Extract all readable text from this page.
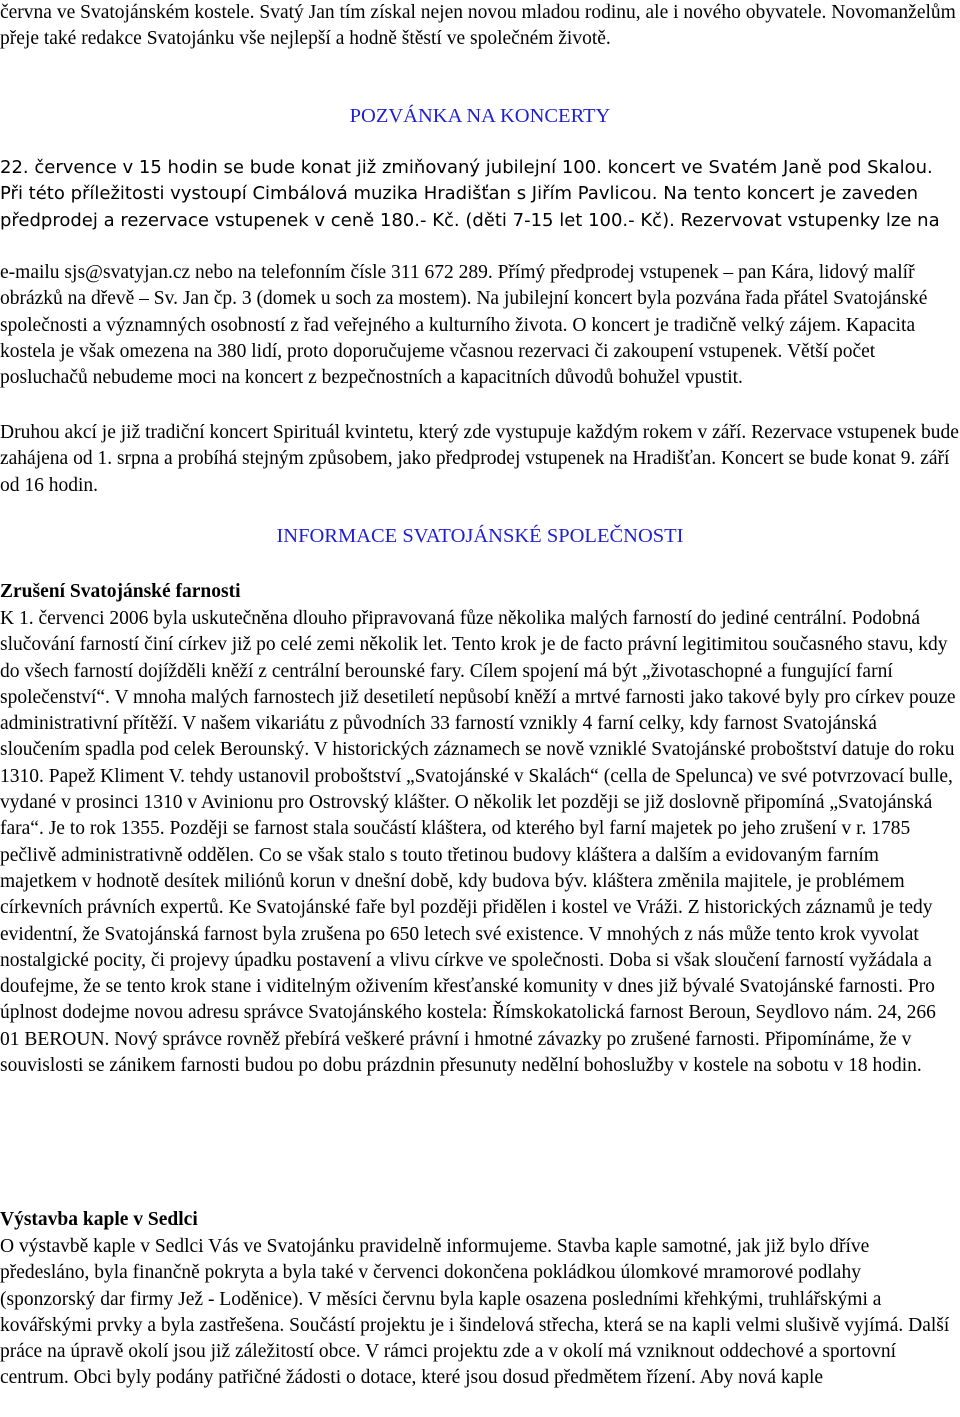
června ve Svatojánském kostele. Svatý Jan tím získal nejen novou mladou rodinu, ale i nového obyvatele. Novomanželům přeje také redakce Svatojánku vše nejlepší a hodně štěstí ve společném životě.

POZVÁNKA NA KONCERTY

22. července v 15 hodin se bude konat již zmiňovaný jubilejní 100. koncert ve Svatém Janě pod Skalou. Při této příležitosti vystoupí Cimbálová muzika Hradišťan s Jiřím Pavlicou. Na tento koncert je zaveden předprodej a rezervace vstupenek v ceně 180.- Kč. (děti 7-15 let 100.- Kč). Rezervovat vstupenky lze na

e-mailu sjs@svatyjan.cz nebo na telefonním čísle 311 672 289. Přímý předprodej vstupenek – pan Kára, lidový malíř obrázků na dřevě – Sv. Jan čp. 3 (domek u soch za mostem). Na jubilejní koncert byla pozvána řada přátel Svatojánské společnosti a významných osobností z řad veřejného a kulturního života. O koncert je tradičně velký zájem. Kapacita kostela je však omezena na 380 lidí, proto doporučujeme včasnou rezervaci či zakoupení vstupenek. Větší počet posluchačů nebudeme moci na koncert z bezpečnostních a kapacitních důvodů bohužel vpustit.

Druhou akcí je již tradiční koncert Spirituál kvintetu, který zde vystupuje každým rokem v září. Rezervace vstupenek bude zahájena od 1. srpna a probíhá stejným způsobem, jako předprodej vstupenek na Hradišťan. Koncert se bude konat 9. září od 16 hodin.

INFORMACE SVATOJÁNSKÉ SPOLEČNOSTI
Zrušení Svatojánské farnosti

K 1. červenci 2006 byla uskutečněna dlouho připravovaná fůze několika malých farností do jediné centrální. Podobná slučování farností činí církev již po celé zemi několik let. Tento krok je de facto právní legitimitou současného stavu, kdy do všech farností dojížděli kněží z centrální berounské fary. Cílem spojení má být „životaschopné a fungující farní společenství“. V mnoha malých farnostech již desetiletí nepůsobí kněží a mrtvé farnosti jako takové byly pro církev pouze administrativní přítěží. V našem vikariátu z původních 33 farností vznikly 4 farní celky, kdy farnost Svatojánská sloučením spadla pod celek Berounský. V historických záznamech se nově vzniklé Svatojánské proboštství datuje do roku 1310. Papež Kliment V. tehdy ustanovil proboštství „Svatojánské v Skalách“ (cella de Spelunca) ve své potvrzovací bulle, vydané v prosinci 1310 v Avinionu pro Ostrovský klášter. O několik let později se již doslovně připomíná „Svatojánská fara“. Je to rok 1355. Později se farnost stala součástí kláštera, od kterého byl farní majetek po jeho zrušení v r. 1785 pečlivě administrativně oddělen. Co se však stalo s touto třetinou budovy kláštera a dalším a evidovaným farním majetkem v hodnotě desítek miliónů korun v dnešní době, kdy budova býv. kláštera změnila majitele, je problémem církevních právních expertů. Ke Svatojánské faře byl později přidělen i kostel ve Vráži. Z historických záznamů je tedy evidentní, že Svatojánská farnost byla zrušena po 650 letech své existence. V mnohých z nás může tento krok vyvolat nostalgické pocity, či projevy úpadku postavení a vlivu církve ve společnosti. Doba si však sloučení farností vyžádala a doufejme, že se tento krok stane i viditelným oživením křesťanské komunity v dnes již bývalé Svatojánské farnosti. Pro úplnost dodejme novou adresu správce Svatojánského kostela: Římskokatolická farnost Beroun, Seydlovo nám. 24, 266 01 BEROUN. Nový správce rovněž přebírá veškeré právní i hmotné závazky po zrušené farnosti. Připomínáme, že v souvislosti se zánikem farnosti budou po dobu prázdnin přesunuty nedělní bohoslužby v kostele na sobotu v 18 hodin.

Výstavba kaple v Sedlci

O výstavbě kaple v Sedlci Vás ve Svatojánku pravidelně informujeme. Stavba kaple samotné, jak již bylo dříve předesláno, byla finančně pokryta a byla také v červenci dokončena pokládkou úlomkové mramorové podlahy (sponzorský dar firmy Jež - Loděnice). V měsíci červnu byla kaple osazena posledními křehkými, truhlářskými a kovářskými prvky a byla zastřešena. Součástí projektu je i šindelová střecha, která se na kapli velmi slušivě vyjímá. Další práce na úpravě okolí jsou již záležitostí obce. V rámci projektu zde a v okolí má vzniknout oddechové a sportovní centrum. Obci byly podány patřičné žádosti o dotace, které jsou dosud předmětem řízení. Aby nová kaple
